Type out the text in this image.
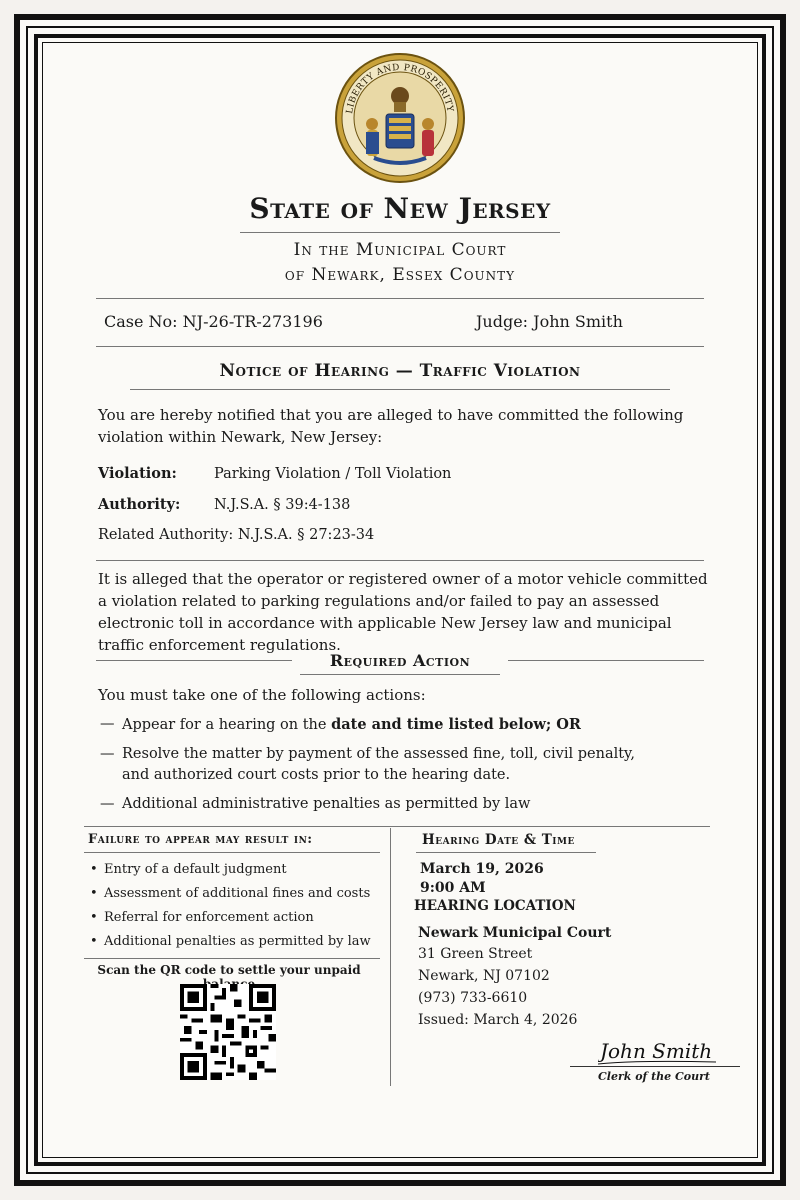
LIBERTY AND PROSPERITY
State of New Jersey
In the Municipal Court
of Newark, Essex County
Case No: NJ-26-TR-273196	Judge: John Smith
Notice of Hearing — Traffic Violation
You are hereby notified that you are alleged to have committed the following violation within Newark, New Jersey:
Violation:	Parking Violation / Toll Violation
Authority: N.J.S.A. § 39:4-138
Related Authority: N.J.S.A. § 27:23-34
It is alleged that the operator or registered owner of a motor vehicle committed a violation related to parking regulations and/or failed to pay an assessed electronic toll in accordance with applicable New Jersey law and municipal traffic enforcement regulations.
Required Action
You must take one of the following actions:
— Appear for a hearing on the date and time listed below; OR
— Resolve the matter by payment of the assessed fine, toll, civil penalty, and authorized court costs prior to the hearing date.
— Additional administrative penalties as permitted by law
Failure to appear may result in:
• Entry of a default judgment
• Assessment of additional fines and costs
• Referral for enforcement action
• Additional penalties as permitted by law
Scan the QR code to settle your unpaid
Hearing Date & Time
March 19, 2026
9:00 AM
HEARING LOCATION
Newark Municipal Court
31 Green Street
Newark, NJ 07102
(973) 733-6610
Issued: March 4, 2026
John Smith
Clerk of the Court
